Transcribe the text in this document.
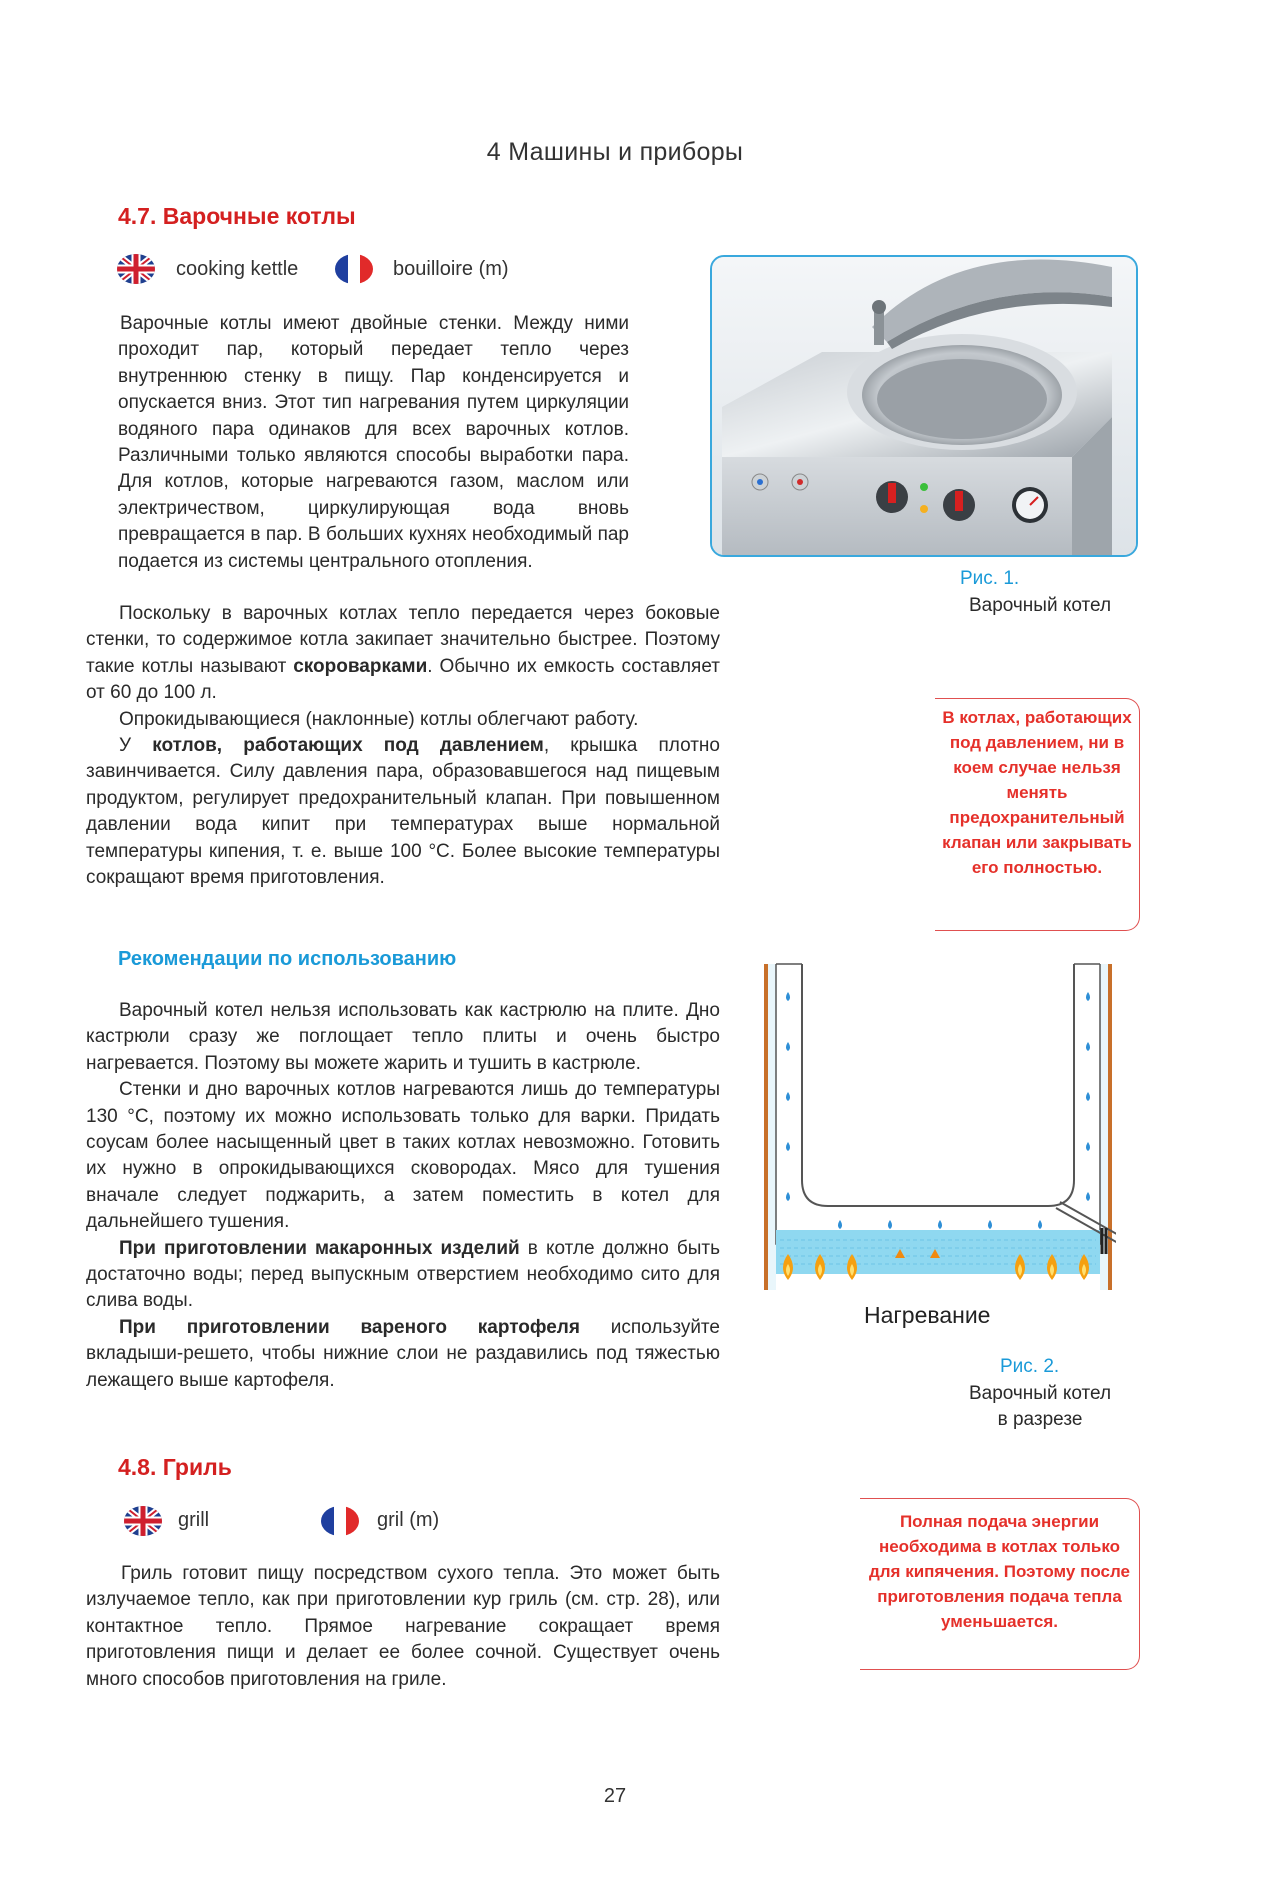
4 Машины и приборы
4.7. Варочные котлы
cooking kettle	bouilloire (m)

Варочные котлы имеют двойные стенки. Между ними проходит пар, который передает тепло через внутреннюю стенку в пищу. Пар конденсируется и опускается вниз. Этот тип нагревания путем циркуляции водяного пара одинаков для всех варочных котлов. Различными только являются способы выработки пара. Для котлов, которые нагреваются газом, маслом или электричеством, циркулирующая вода вновь превращается в пар. В больших кухнях необходимый пар подается из системы центрального отопления.

Поскольку в варочных котлах тепло передается через боковые стенки, то содержимое котла закипает значительно быстрее. Поэтому такие котлы называют скороварками. Обычно их емкость составляет от 60 до 100 л.

Опрокидывающиеся (наклонные) котлы облегчают работу.

У котлов, работающих под давлением, крышка плотно завинчивается. Силу давления пара, образовавшегося над пищевым продуктом, регулирует предохранительный клапан. При повышенном давлении вода кипит при температурах выше нормальной температуры кипения, т. е. выше 100 °С. Более высокие температуры сокращают время приготовления.

Рекомендации по использованию

Варочный котел нельзя использовать как кастрюлю на плите. Дно кастрюли сразу же поглощает тепло плиты и очень быстро нагревается. Поэтому вы можете жарить и тушить в кастрюле.

Стенки и дно варочных котлов нагреваются лишь до температуры 130 °С, поэтому их можно использовать только для варки. Придать соусам более насыщенный цвет в таких котлах невозможно. Готовить их нужно в опрокидывающихся сковородах. Мясо для тушения вначале следует поджарить, а затем поместить в котел для дальнейшего тушения.

При приготовлении макаронных изделий в котле должно быть достаточно воды; перед выпускным отверстием необходимо сито для слива воды.

При приготовлении вареного картофеля используйте вкладыши-решето, чтобы нижние слои не раздавились под тяжестью лежащего выше картофеля.

4.8. Гриль
grill	gril (m)

Гриль готовит пищу посредством сухого тепла. Это может быть излучаемое тепло, как при приготовлении кур гриль (см. стр. 28), или контактное тепло. Прямое нагревание сокращает время приготовления пищи и делает ее более сочной. Существует очень много способов приготовления на гриле.

Рис. 1.
Варочный котел
В котлах, работающих под давлением, ни в коем случае нельзя менять предохранительный клапан или закрывать его полностью.
Нагревание
Рис. 2.
Варочный котел
в разрезе
Полная подача энергии необходима в котлах только для кипячения. Поэтому после приготовления подача тепла уменьшается.
27
